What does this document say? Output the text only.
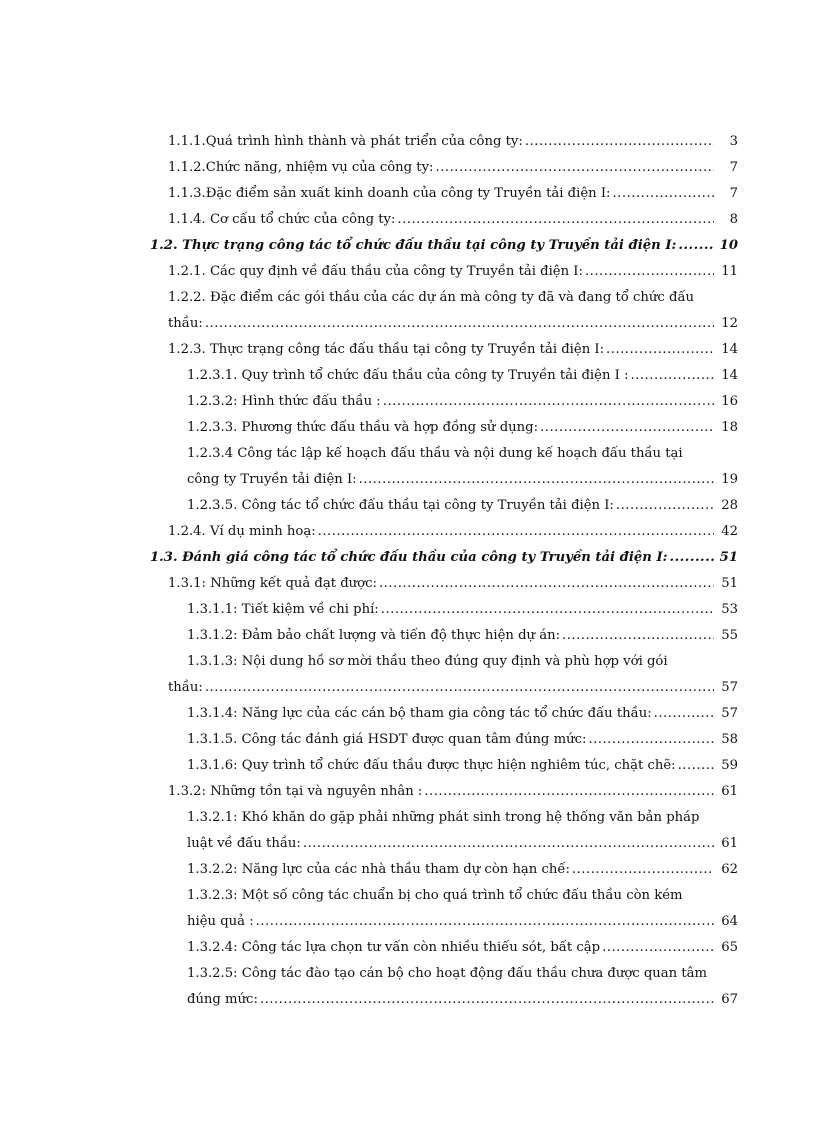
1.1.1.Quá trình hình thành và phát triển của công ty: .....	3
1.1.2.Chức năng, nhiệm vụ của công ty: .....	7
1.1.3.Đặc điểm sản xuất kinh doanh của công ty Truyền tải điện I: .....	7
1.1.4. Cơ cấu tổ chức của công ty: .....	8
1.2. Thực trạng công tác tổ chức đấu thầu tại công ty Truyền tải điện I: .....	10
1.2.1. Các quy định về đấu thầu của công ty Truyền tải điện I: .....	11
1.2.2. Đặc điểm các gói thầu của các dự án mà công ty đã và đang tổ chức đấu
thầu: .....	12
1.2.3. Thực trạng công tác đấu thầu tại công ty Truyền tải điện I: .....	14
1.2.3.1. Quy trình tổ chức đấu thầu của công ty Truyền tải điện I : .....	14
1.2.3.2: Hình thức đấu thầu : .....	16
1.2.3.3. Phương thức đấu thầu và hợp đồng sử dụng: .....	18
1.2.3.4 Công tác lập kế hoạch đấu thầu và nội dung kế hoạch đấu thầu tại
công ty Truyền tải điện I: .....	19
1.2.3.5. Công tác tổ chức đấu thầu tại công ty Truyền tải điện I: .....	28
1.2.4. Ví dụ minh hoạ: .....	42
1.3. Đánh giá công tác tổ chức đấu thầu của công ty Truyền tải điện I: .....	51
1.3.1: Những kết quả đạt được: .....	51
1.3.1.1: Tiết kiệm về chi phí: .....	53
1.3.1.2: Đảm bảo chất lượng và tiến độ thực hiện dự án: .....	55
1.3.1.3: Nội dung hồ sơ mời thầu theo đúng quy định và phù hợp với gói
thầu: .....	57
1.3.1.4: Năng lực của các cán bộ tham gia công tác tổ chức đấu thầu: .....	57
1.3.1.5. Công tác đánh giá HSDT được quan tâm đúng mức: .....	58
1.3.1.6: Quy trình tổ chức đấu thầu được thực hiện nghiêm túc, chặt chẽ: .....	59
1.3.2: Những tồn tại và nguyên nhân : .....	61
1.3.2.1: Khó khăn do gặp phải những phát sinh trong hệ thống văn bản pháp
luật về đấu thầu: .....	61
1.3.2.2: Năng lực của các nhà thầu tham dự còn hạn chế: .....	62
1.3.2.3: Một số công tác chuẩn bị cho quá trình tổ chức đấu thầu còn kém
hiệu quả : .....	64
1.3.2.4: Công tác lựa chọn tư vấn còn nhiều thiếu sót, bất cập .....	65
1.3.2.5: Công tác đào tạo cán bộ cho hoạt động đấu thầu chưa được quan tâm
đúng mức: .....	67
